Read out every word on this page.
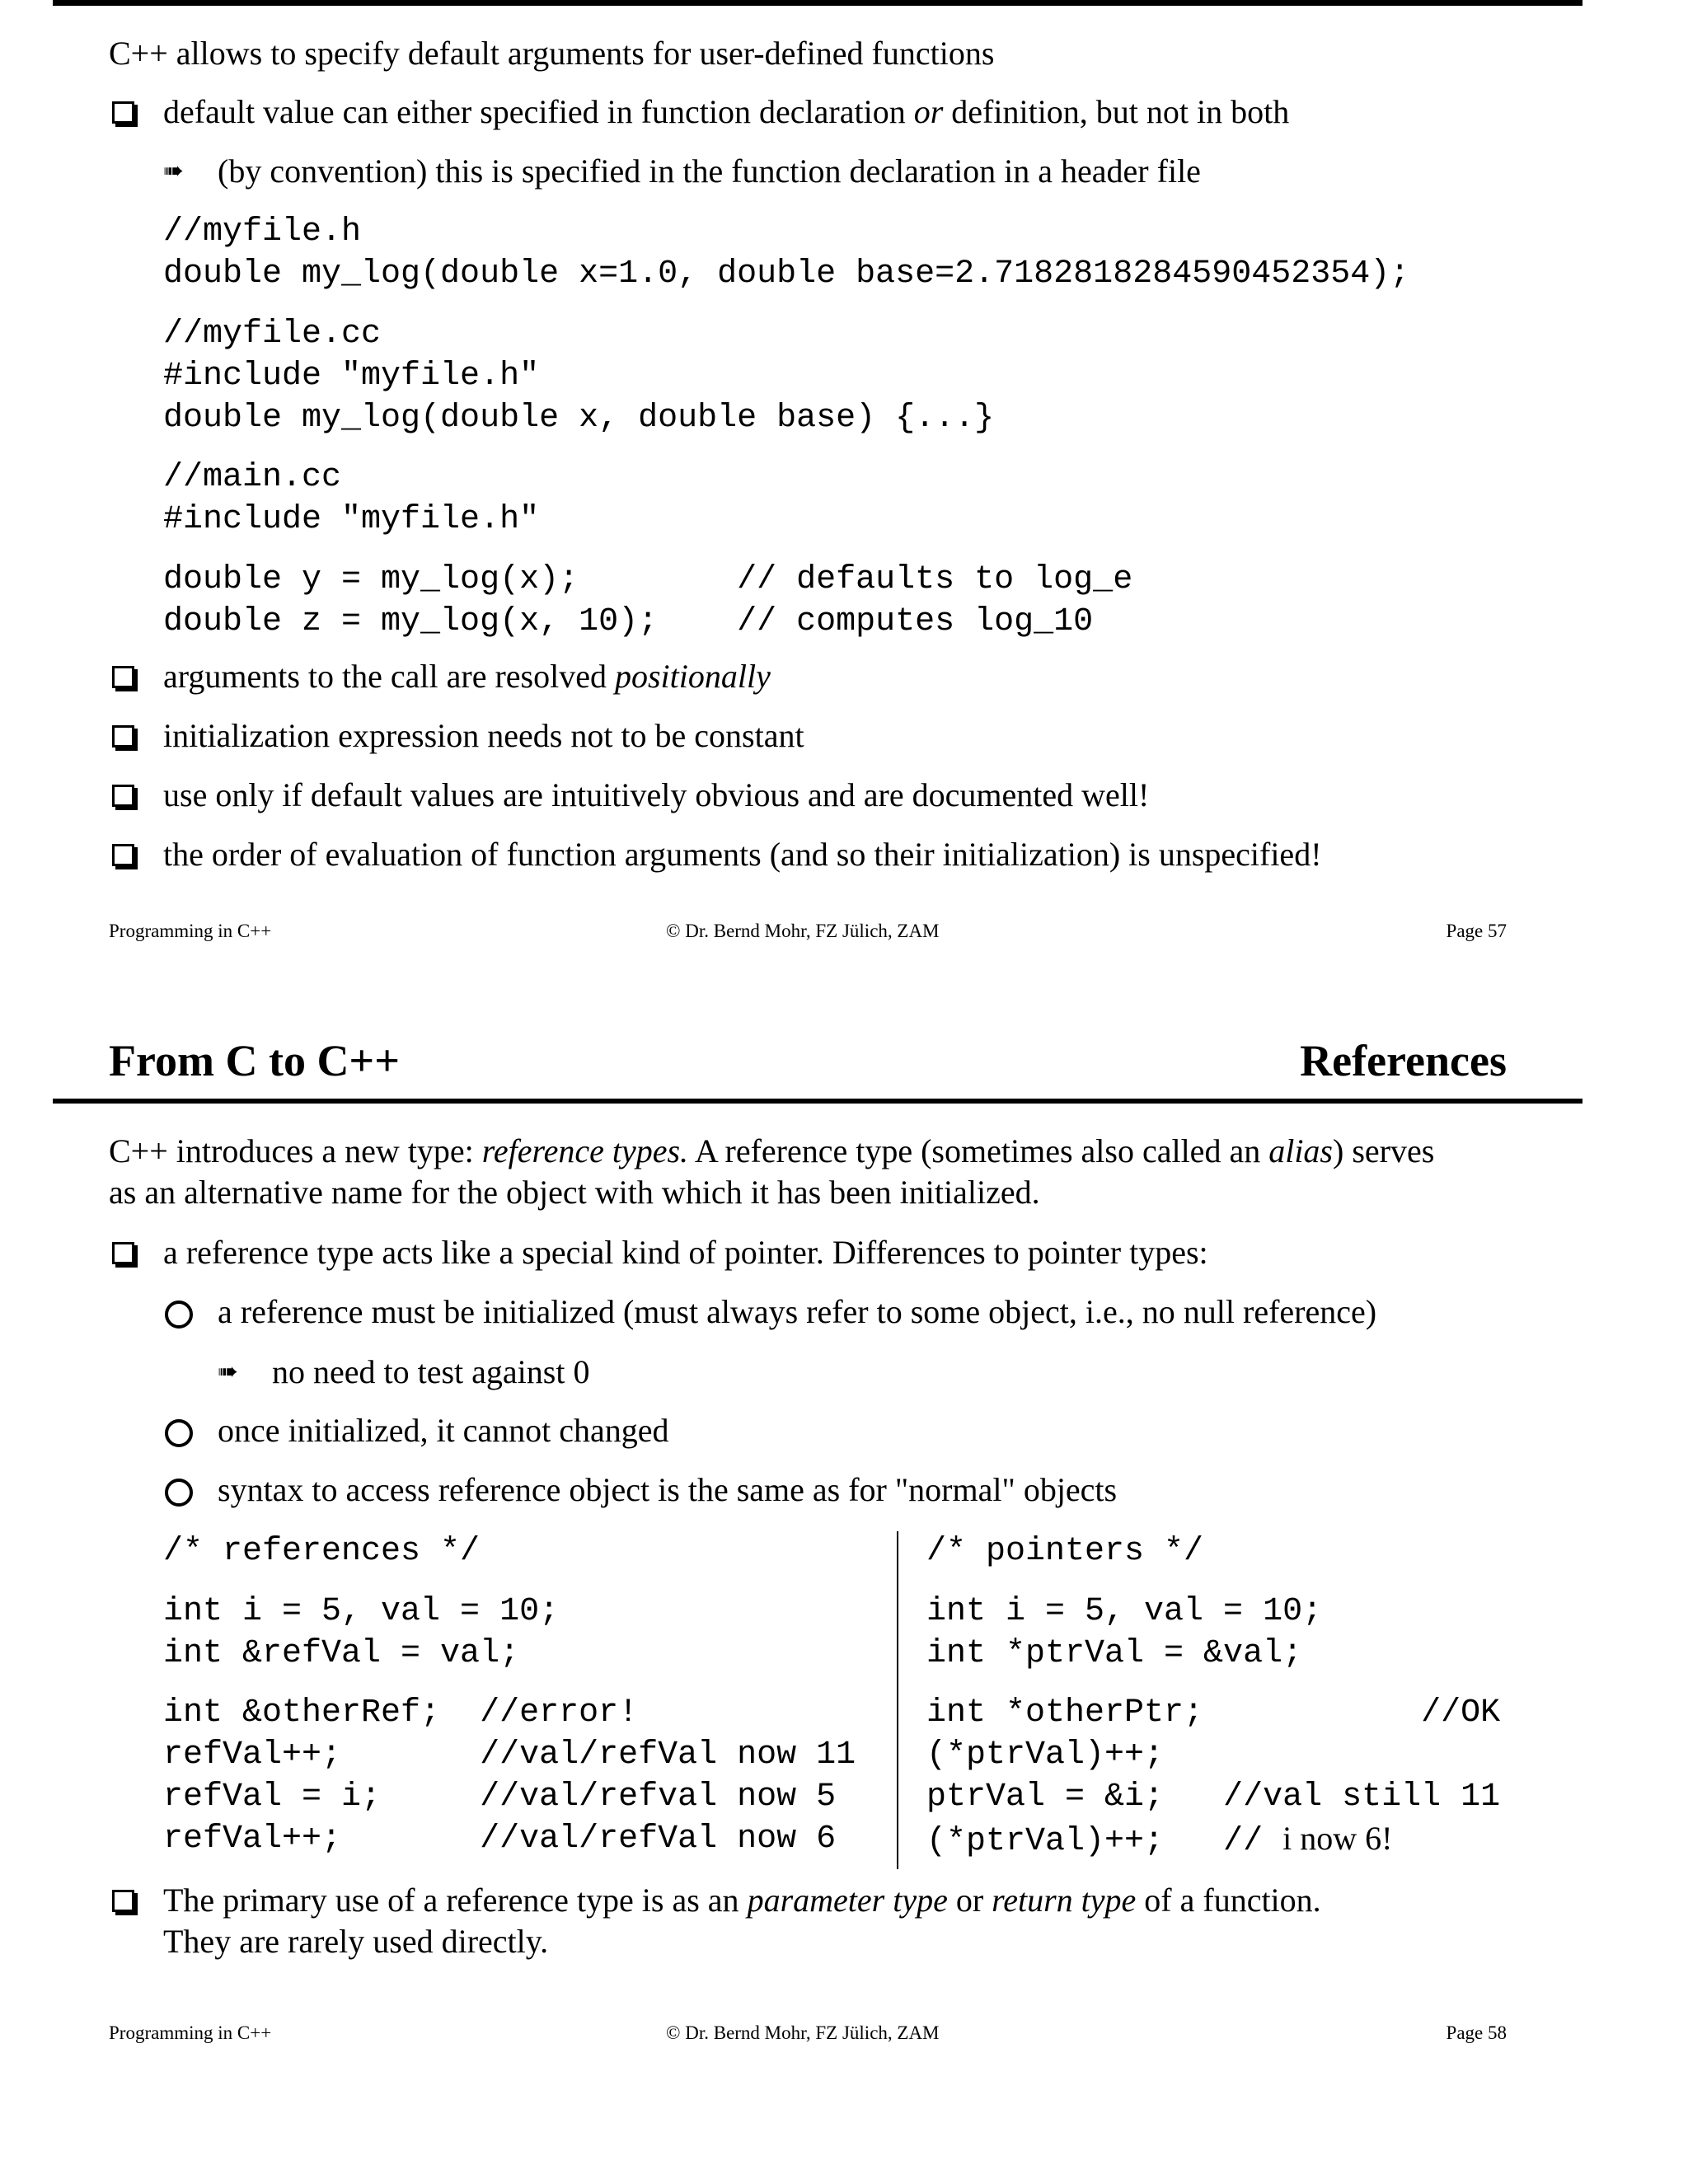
C++ allows to specify default arguments for user-defined functions
default value can either specified in function declaration or definition, but not in both
➠ (by convention) this is specified in the function declaration in a header file
//myfile.h
double my_log(double x=1.0, double base=2.7182818284590452354);
//myfile.cc
#include "myfile.h"
double my_log(double x, double base) {...}
//main.cc
#include "myfile.h"
double y = my_log(x);        // defaults to log_e
double z = my_log(x, 10);    // computes log_10
arguments to the call are resolved positionally
initialization expression needs not to be constant
use only if default values are intuitively obvious and are documented well!
the order of evaluation of function arguments (and so their initialization) is unspecified!
Programming in C++	© Dr. Bernd Mohr, FZ Jülich, ZAM	Page 57
From C to C++	References
C++ introduces a new type: reference types. A reference type (sometimes also called an alias) serves
as an alternative name for the object with which it has been initialized.
a reference type acts like a special kind of pointer. Differences to pointer types:
a reference must be initialized (must always refer to some object, i.e., no null reference)
➠ no need to test against 0
once initialized, it cannot changed
syntax to access reference object is the same as for "normal" objects
/* references */
int i = 5, val = 10;
int &refVal = val;
int &otherRef;  //error!
refVal++;       //val/refVal now 11
refVal = i;     //val/refval now 5
refVal++;       //val/refVal now 6
/* pointers */
int i = 5, val = 10;
int *ptrVal = &val;
int *otherPtr;           //OK
(*ptrVal)++;
ptrVal = &i;   //val still 11
(*ptrVal)++;   // i now 6!
The primary use of a reference type is as an parameter type or return type of a function.
They are rarely used directly.
Programming in C++	© Dr. Bernd Mohr, FZ Jülich, ZAM	Page 58
